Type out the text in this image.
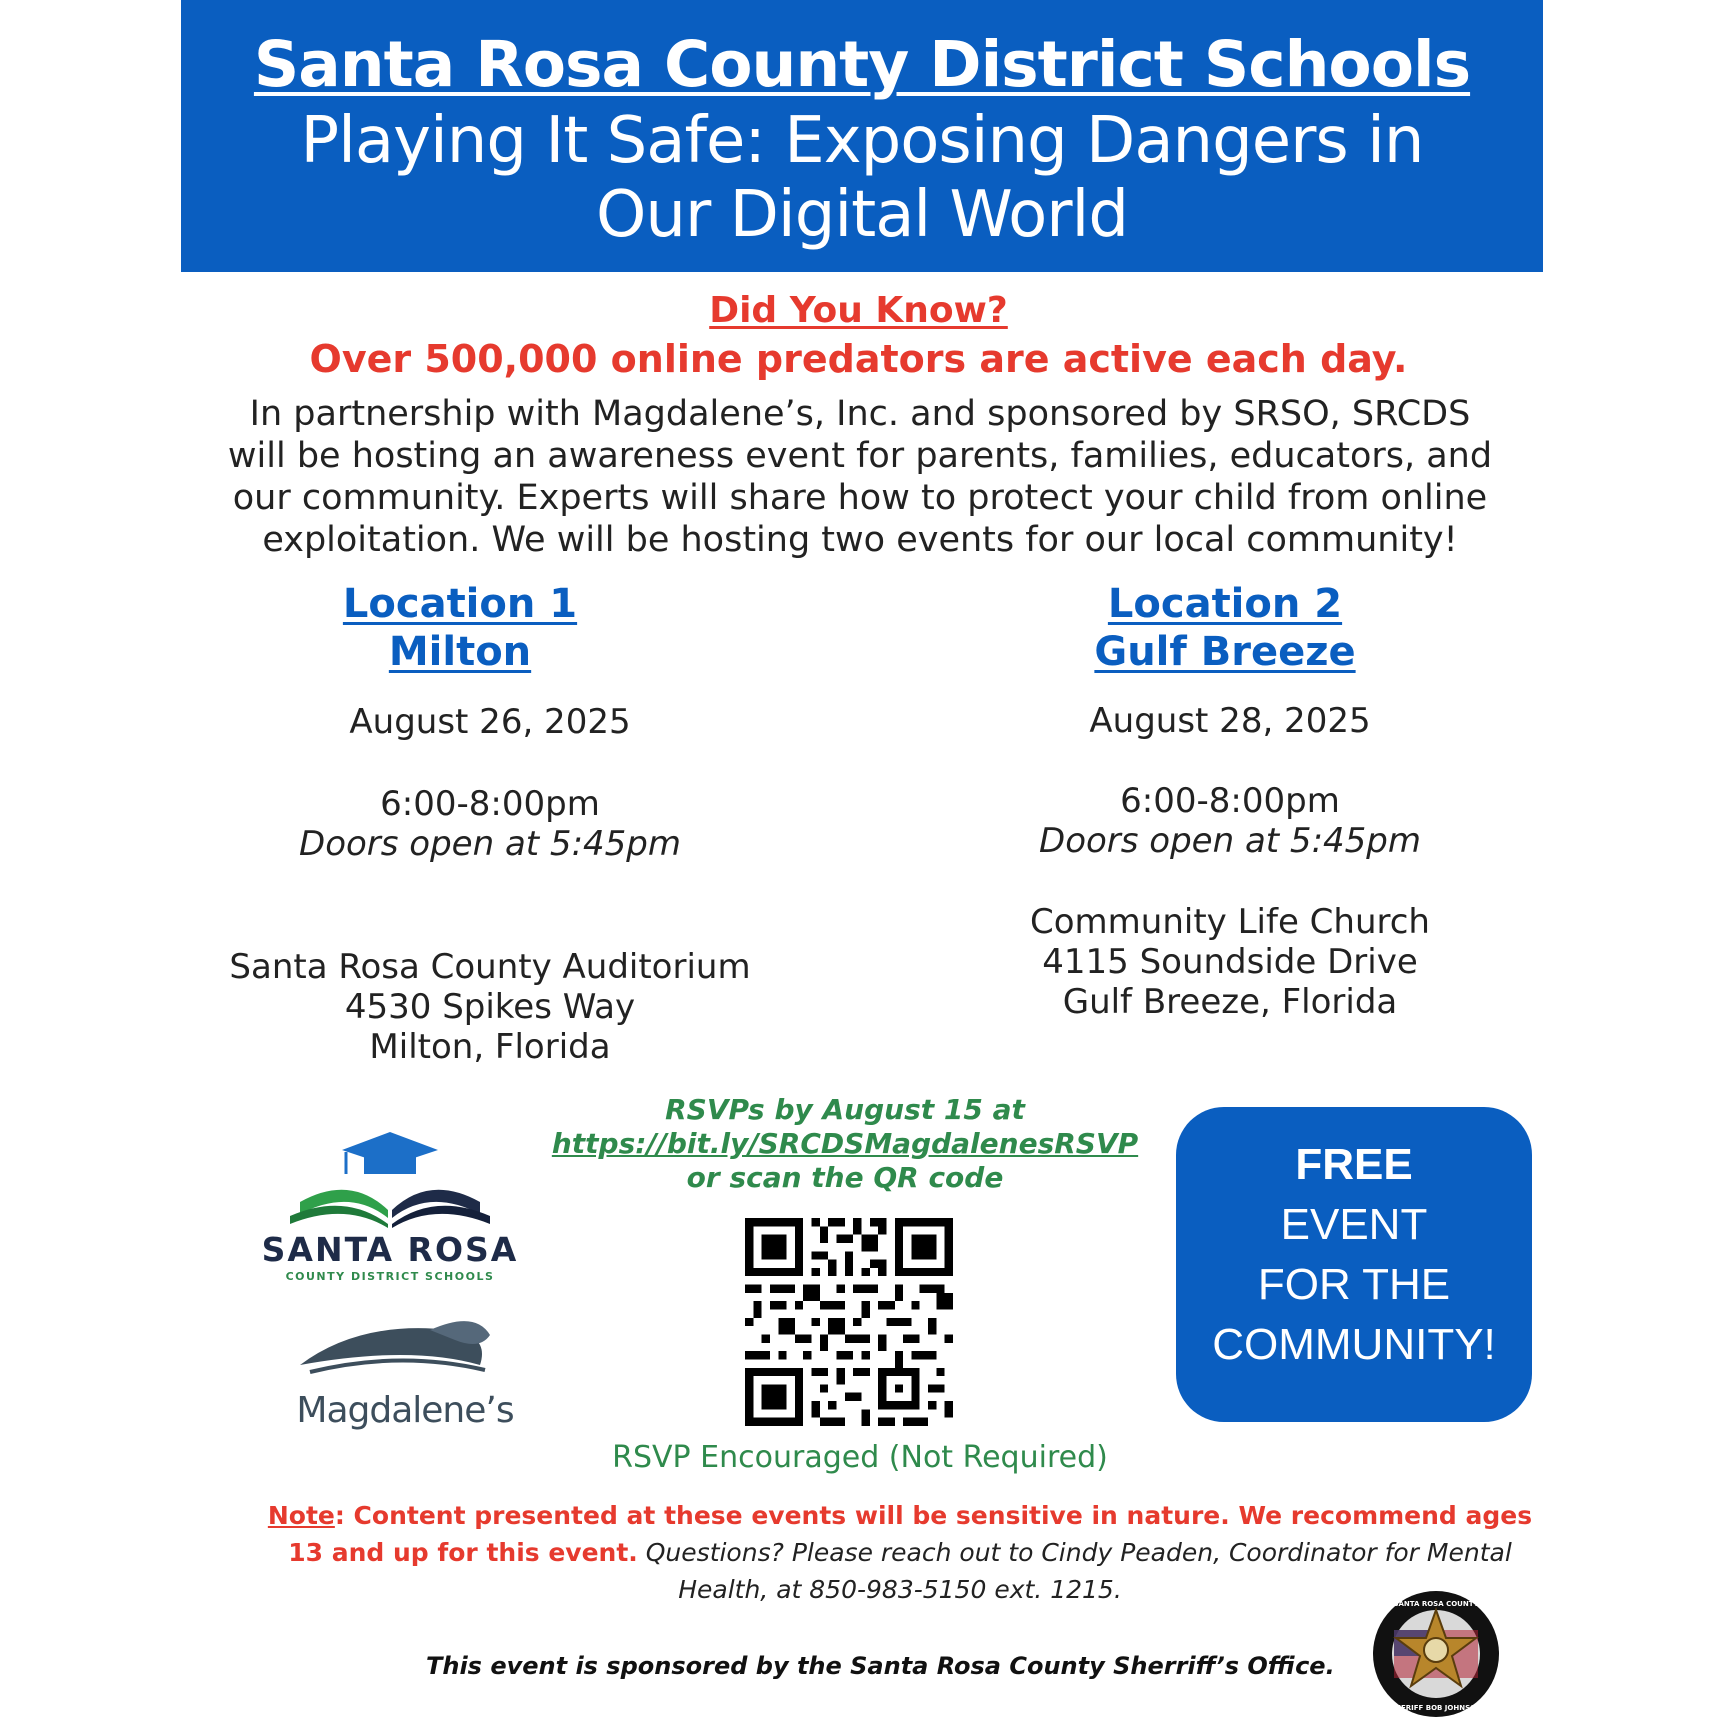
Santa Rosa County District Schools
Playing It Safe: Exposing Dangers in
Our Digital World
Did You Know?
Over 500,000 online predators are active each day.
In partnership with Magdalene’s, Inc. and sponsored by SRSO, SRCDS
will be hosting an awareness event for parents, families, educators, and
our community. Experts will share how to protect your child from online
exploitation. We will be hosting two events for our local community!
Location 1
Milton
August 26, 2025
6:00-8:00pm
Doors open at 5:45pm
Santa Rosa County Auditorium
4530 Spikes Way
Milton, Florida
Location 2
Gulf Breeze
August 28, 2025
6:00-8:00pm
Doors open at 5:45pm
Community Life Church
4115 Soundside Drive
Gulf Breeze, Florida
RSVPs by August 15 at
https://bit.ly/SRCDSMagdalenesRSVP
or scan the QR code
RSVP Encouraged (Not Required)
FREE
EVENT
FOR THE
COMMUNITY!
SANTA ROSA
COUNTY DISTRICT SCHOOLS
Magdalene’s
Note: Content presented at these events will be sensitive in nature. We recommend ages 13 and up for this event. Questions? Please reach out to Cindy Peaden, Coordinator for Mental Health, at 850-983-5150 ext. 1215.
This event is sponsored by the Santa Rosa County Sherriff’s Office.
SANTA ROSA COUNTY
SHERIFF BOB JOHNSON
